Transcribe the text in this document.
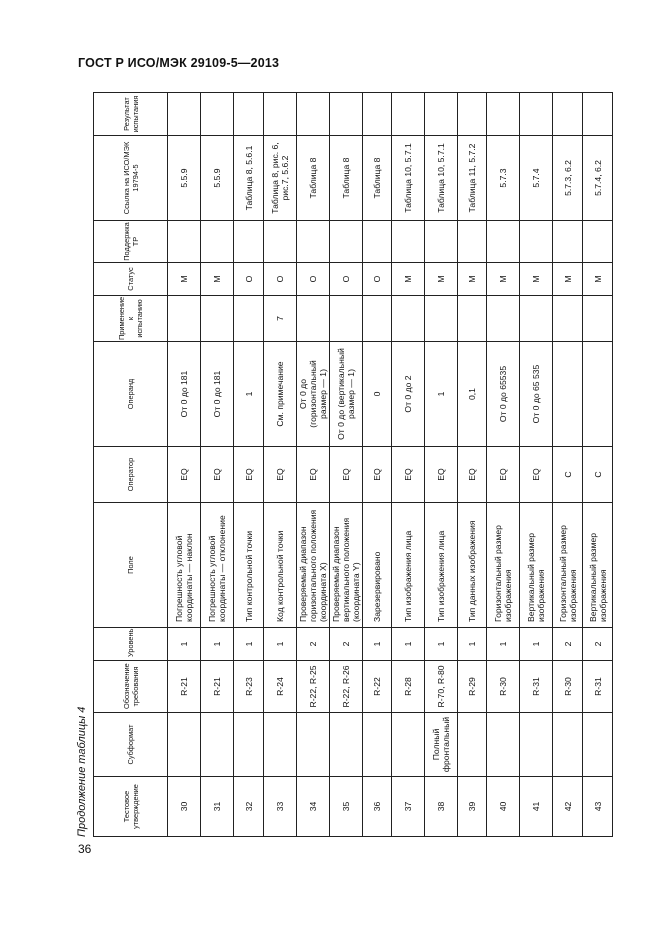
ГОСТ Р ИСО/МЭК 29109-5—2013
Продолжение таблицы 4	Тестовое утверждение	Субформат	Обозначение требования	Уровень	Поле	Оператор	Операнд	Применение к испытанию	Статус	Поддержка ТР	Ссылка на ИСО/МЭК 19794-5	Результат испытания
30		R-21	1	Погрешность угловой координаты — наклон	EQ	От 0 до 181		M		5.5.9	
31		R-21	1	Погрешность угловой координаты — отклонение	EQ	От 0 до 181		M		5.5.9	
32		R-23	1	Тип контрольной точки	EQ	1		O		Таблица 8, 5.6.1	
33		R-24	1	Код контрольной точки	EQ	См. примечание	7	O		Таблица 8, рис. 6, рис.7, 5.6.2	
34		R-22, R-25	2	Проверяемый диапазон горизонтального положения (координата X)	EQ	От 0 до (горизонтальный размер — 1)		O		Таблица 8	
35		R-22, R-26	2	Проверяемый диапазон вертикального положения (координата Y)	EQ	От 0 до (вертикальный размер — 1)		O		Таблица 8	
36		R-22	1	Зарезервировано	EQ	0		O		Таблица 8	
37		R-28	1	Тип изображения лица	EQ	От 0 до 2		M		Таблица 10, 5.7.1	
38	Полный фронтальный	R-70, R-80	1	Тип изображения лица	EQ	1		M		Таблица 10, 5.7.1	
39		R-29	1	Тип данных изображения	EQ	0,1		M		Таблица 11, 5.7.2	
40		R-30	1	Горизонтальный размер изображения	EQ	От 0 до 65535		M		5.7.3	
41		R-31	1	Вертикальный размер изображения	EQ	От 0 до 65 535		M		5.7.4	
42		R-30	2	Горизонтальный размер изображения	C			M		5.7.3, 6.2	
43		R-31	2	Вертикальный размер изображения	C			M		5.7.4, 6.2	
36
